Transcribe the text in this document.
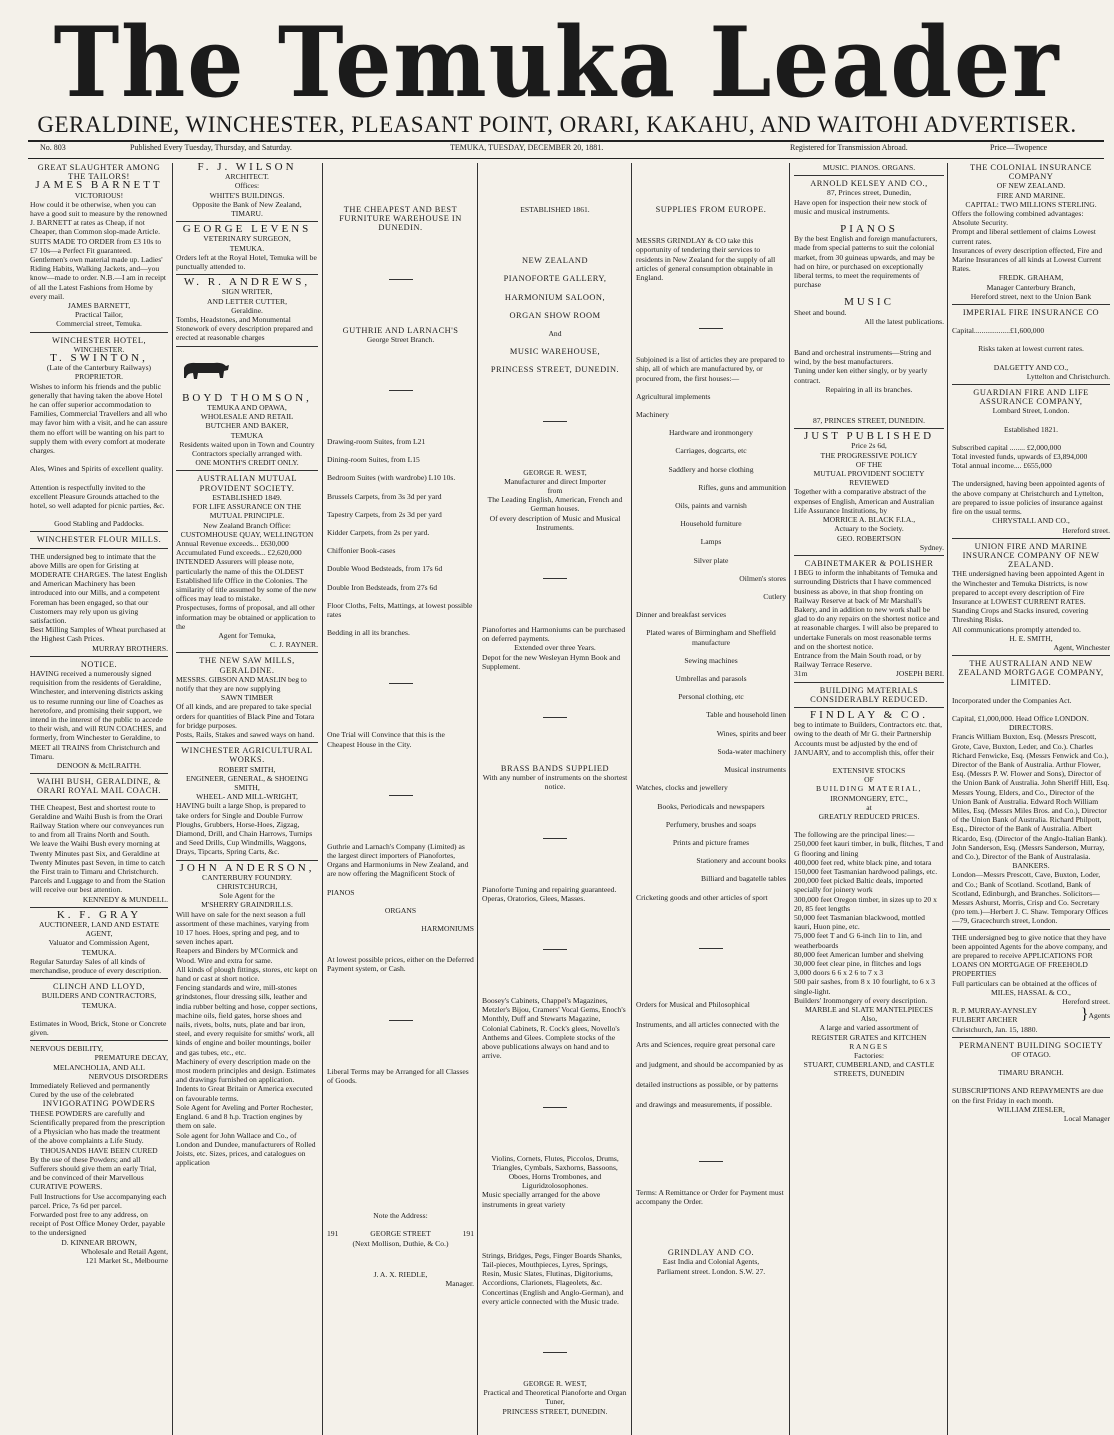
The Temuka Leader
GERALDINE, WINCHESTER, PLEASANT POINT, ORARI, KAKAHU, AND WAITOHI ADVERTISER.
No. 803	Published Every Tuesday, Thursday, and Saturday.	TEMUKA, TUESDAY, DECEMBER 20, 1881.	Registered for Transmission Abroad.	Price—Twopence
GREAT SLAUGHTER AMONG THE TAILORS!
JAMES BARNETT
VICTORIOUS!
How could it be otherwise, when you can have a good suit to measure by the renowned J. BARNETT at rates as Cheap, if not Cheaper, than Common slop-made Article.
SUITS MADE TO ORDER from £3 10s to £7 10s—a Perfect Fit guaranteed.
Gentlemen's own material made up. Ladies' Riding Habits, Walking Jackets, and—you know—made to order. N.B.—I am in receipt of all the Latest Fashions from Home by every mail.
JAMES BARNETT,
Practical Tailor,
Commercial street, Temuka.
WINCHESTER HOTEL,
WINCHESTER.
T. SWINTON,
(Late of the Canterbury Railways)
PROPRIETOR.
Wishes to inform his friends and the public generally that having taken the above Hotel he can offer superior accommodation to Families, Commercial Travellers and all who may favor him with a visit, and he can assure them no effort will be wanting on his part to supply them with every comfort at moderate charges.
Ales, Wines and Spirits of excellent quality.
Attention is respectfully invited to the excellent Pleasure Grounds attached to the hotel, so well adapted for picnic parties, &c.
Good Stabling and Paddocks.
WINCHESTER FLOUR MILLS.
THE undersigned beg to intimate that the above Mills are open for Gristing at MODERATE CHARGES. The latest English and American Machinery has been introduced into our Mills, and a competent Foreman has been engaged, so that our Customers may rely upon us giving satisfaction.
Best Milling Samples of Wheat purchased at the Highest Cash Prices.
MURRAY BROTHERS.
NOTICE.
HAVING received a numerously signed requisition from the residents of Geraldine, Winchester, and intervening districts asking us to resume running our line of Coaches as heretofore, and promising their support, we intend in the interest of the public to accede to their wish, and will RUN COACHES, and formerly, from Winchester to Geraldine, to MEET all TRAINS from Christchurch and Timaru.
DENOON & McILRAITH.
WAIHI BUSH, GERALDINE, & ORARI ROYAL MAIL COACH.
THE Cheapest, Best and shortest route to Geraldine and Waihi Bush is from the Orari Railway Station where our conveyances run to and from all Trains North and South.
We leave the Waihi Bush every morning at Twenty Minutes past Six, and Geraldine at Twenty Minutes past Seven, in time to catch the First train to Timaru and Christchurch.
Parcels and Luggage to and from the Station will receive our best attention.
KENNEDY & MUNDELL.
K. F. GRAY
AUCTIONEER, LAND AND ESTATE AGENT,
Valuator and Commission Agent,
TEMUKA.
Regular Saturday Sales of all kinds of merchandise, produce of every description.
CLINCH AND LLOYD,
BUILDERS AND CONTRACTORS,
TEMUKA.
Estimates in Wood, Brick, Stone or Concrete given.
NERVOUS DEBILITY,
PREMATURE DECAY,
MELANCHOLIA, AND ALL
NERVOUS DISORDERS
Immediately Relieved and permanently Cured by the use of the celebrated
INVIGORATING POWDERS
THESE POWDERS are carefully and Scientifically prepared from the prescription of a Physician who has made the treatment of the above complaints a Life Study.
THOUSANDS HAVE BEEN CURED
By the use of these Powders; and all Sufferers should give them an early Trial, and be convinced of their Marvellous CURATIVE POWERS.
Full Instructions for Use accompanying each parcel. Price, 7s 6d per parcel.
Forwarded post free to any address, on receipt of Post Office Money Order, payable to the undersigned
D. KINNEAR BROWN,
Wholesale and Retail Agent,
121 Market St., Melbourne
F. J. WILSON
ARCHITECT.
Offices:
WHITE'S BUILDINGS.
Opposite the Bank of New Zealand,
TIMARU.
GEORGE LEVENS
VETERINARY SURGEON,
TEMUKA.
Orders left at the Royal Hotel, Temuka will be punctually attended to.
W. R. ANDREWS,
SIGN WRITER,
AND LETTER CUTTER,
Geraldine.
Tombs, Headstones, and Monumental Stonework of every description prepared and erected at reasonable charges
BOYD THOMSON,
TEMUKA AND OPAWA,
WHOLESALE AND RETAIL
BUTCHER AND BAKER,
TEMUKA
Residents waited upon in Town and Country
Contractors specially arranged with.
ONE MONTH'S CREDIT ONLY.
AUSTRALIAN MUTUAL PROVIDENT SOCIETY.
ESTABLISHED 1849.
FOR LIFE ASSURANCE ON THE MUTUAL PRINCIPLE.
New Zealand Branch Office:
CUSTOMHOUSE QUAY, WELLINGTON
Annual Revenue exceeds... £630,000
Accumulated Fund exceeds... £2,620,000
INTENDED Assurers will please note, particularly the name of this the OLDEST Established life Office in the Colonies. The similarity of title assumed by some of the new offices may lead to mistake.
Prospectuses, forms of proposal, and all other information may be obtained or application to the
Agent for Temuka,
C. J. RAYNER.
THE NEW SAW MILLS, GERALDINE.
MESSRS. GIBSON AND MASLIN beg to notify that they are now supplying
SAWN TIMBER
Of all kinds, and are prepared to take special orders for quantities of Black Pine and Totara for bridge purposes.
Posts, Rails, Stakes and sawed ways on hand.
WINCHESTER AGRICULTURAL WORKS.
ROBERT SMITH,
ENGINEER, GENERAL, & SHOEING SMITH,
WHEEL- AND MILL-WRIGHT,
HAVING built a large Shop, is prepared to take orders for Single and Double Furrow Ploughs, Grubbers, Horse-Hoes, Zigzag, Diamond, Drill, and Chain Harrows, Turnips and Seed Drills, Cup Windmills, Waggons, Drays, Tipcarts, Spring Carts, &c.
JOHN ANDERSON,
CANTERBURY FOUNDRY.
CHRISTCHURCH,
Sole Agent for the
M'SHERRY GRAINDRILLS.
Will have on sale for the next season a full assortment of these machines, varying from 10 17 hoes. Hoes, spring and peg, and to seven inches apart.
Reapers and Binders by M'Cormick and Wood. Wire and extra for same.
All kinds of plough fittings, stores, etc kept on hand or cast at short notice.
Fencing standards and wire, mill-stones grindstones, flour dressing silk, leather and india rubber belting and hose, copper sections, machine oils, field gates, horse shoes and nails, rivets, bolts, nuts, plate and bar iron, steel, and every requisite for smiths' work, all kinds of engine and boiler mountings, boiler and gas tubes, etc., etc.
Machinery of every description made on the most modern principles and design. Estimates and drawings furnished on application.
Indents to Great Britain or America executed on favourable terms.
Sole Agent for Aveling and Porter Rochester, England. 6 and 8 h.p. Traction engines by them on sale.
Sole agent for John Wallace and Co., of London and Dundee, manufacturers of Rolled Joists, etc. Sizes, prices, and catalogues on application
THE CHEAPEST AND BEST FURNITURE WAREHOUSE IN DUNEDIN.
GUTHRIE AND LARNACH'S
George Street Branch.
Drawing-room Suites, from L21
Dining-room Suites, from L15
Bedroom Suites (with wardrobe) L10 10s.
Brussels Carpets, from 3s 3d per yard
Tapestry Carpets, from 2s 3d per yard
Kidder Carpets, from 2s per yard.
Chiffonier Book-cases
Double Wood Bedsteads, from 17s 6d
Double Iron Bedsteads, from 27s 6d
Floor Cloths, Felts, Mattings, at lowest possible rates
Bedding in all its branches.
One Trial will Convince that this is the Cheapest House in the City.
Guthrie and Larnach's Company (Limited) as the largest direct importers of Pianofortes, Organs and Harmoniums in New Zealand, and are now offering the Magnificent Stock of
PIANOS
ORGANS
HARMONIUMS
At lowest possible prices, either on the Deferred Payment system, or Cash.
Liberal Terms may be Arranged for all Classes of Goods.
Note the Address:
191	GEORGE STREET	191
(Next Mollison, Duthie, & Co.)
J. A. X. RIEDLE,
Manager.
ESTABLISHED 1861.
NEW ZEALAND
PIANOFORTE GALLERY,
HARMONIUM SALOON,
ORGAN SHOW ROOM
And
MUSIC WAREHOUSE,
PRINCESS STREET, DUNEDIN.
GEORGE R. WEST,
Manufacturer and direct Importer
from
The Leading English, American, French and German houses.
Of every description of Music and Musical Instruments.
Pianofortes and Harmoniums can be purchased on deferred payments.
Extended over three Years.
Depot for the new Wesleyan Hymn Book and Supplement.
BRASS BANDS SUPPLIED
With any number of instruments on the shortest notice.
Pianoforte Tuning and repairing guaranteed. Operas, Oratorios, Glees, Masses.
Boosey's Cabinets, Chappel's Magazines, Metzler's Bijou, Cramers' Vocal Gems, Enoch's Monthly, Duff and Stewarts Magazine, Colonial Cabinets, R. Cock's glees, Novello's Anthems and Glees. Complete stocks of the above publications always on hand and to arrive.
Violins, Cornets, Flutes, Piccolos, Drums, Triangles, Cymbals, Saxhorns, Bassoons, Oboes, Horns Trombones, and Liguridzolosophones.
Music specially arranged for the above instruments in great variety
Strings, Bridges, Pegs, Finger Boards Shanks, Tail-pieces, Mouthpieces, Lyres, Springs, Resin, Music Slates, Flutinas, Digitoriums, Accordions, Clarionets, Flageolets, &c.
Concertinas (English and Anglo-German), and every article connected with the Music trade.
GEORGE R. WEST,
Practical and Theoretical Pianoforte and Organ Tuner,
PRINCESS STREET, DUNEDIN.
SUPPLIES FROM EUROPE.
MESSRS GRINDLAY & CO take this opportunity of tendering their services to residents in New Zealand for the supply of all articles of general consumption obtainable in England.
Subjoined is a list of articles they are prepared to ship, all of which are manufactured by, or procured from, the first houses:—
Agricultural implements
Machinery
Hardware and ironmongery
Carriages, dogcarts, etc
Saddlery and horse clothing
Rifles, guns and ammunition
Oils, paints and varnish
Household furniture
Lamps
Silver plate
Oilmen's stores
Cutlery
Dinner and breakfast services
Plated wares of Birmingham and Sheffield manufacture
Sewing machines
Umbrellas and parasols
Personal clothing, etc
Table and household linen
Wines, spirits and beer
Soda-water machinery
Musical instruments
Watches, clocks and jewellery
Books, Periodicals and newspapers
Perfumery, brushes and soaps
Prints and picture frames
Stationery and account books
Billiard and bagatelle tables
Cricketing goods and other articles of sport
Orders for Musical and Philosophical Instruments, and all articles connected with the Arts and Sciences, require great personal care and judgment, and should be accompanied by as detailed instructions as possible, or by patterns and drawings and measurements, if possible.
Terms: A Remittance or Order for Payment must accompany the Order.
GRINDLAY AND CO.
East India and Colonial Agents,
Parliament street. London. S.W. 27.
MUSIC. PIANOS. ORGANS.
ARNOLD KELSEY AND CO.,
87, Princes street, Dunedin,
Have open for inspection their new stock of music and musical instruments.
PIANOS
By the best English and foreign manufacturers, made from special patterns to suit the colonial market, from 30 guineas upwards, and may be had on hire, or purchased on exceptionally liberal terms, to meet the requirements of purchase
MUSIC
Sheet and bound.
All the latest publications.
Band and orchestral instruments—String and wind, by the best manufacturers.
Tuning under ken either singly, or by yearly contract.
Repairing in all its branches.
87, PRINCES STREET, DUNEDIN.
JUST PUBLISHED
Price 2s 6d,
THE PROGRESSIVE POLICY
OF THE
MUTUAL PROVIDENT SOCIETY REVIEWED
Together with a comparative abstract of the expenses of English, American and Australian Life Assurance Institutions, by
MORRICE A. BLACK F.I.A.,
Actuary to the Society.
GEO. ROBERTSON
Sydney.
CABINETMAKER & POLISHER
I BEG to inform the inhabitants of Temuka and surrounding Districts that I have commenced business as above, in that shop fronting on Railway Reserve at back of Mr Marshall's Bakery, and in addition to new work shall be glad to do any repairs on the shortest notice and at reasonable charges. I will also be prepared to undertake Funerals on most reasonable terms and on the shortest notice.
Entrance from the Main South road, or by Railway Terrace Reserve.
31m	JOSEPH BERI.
BUILDING MATERIALS CONSIDERABLY REDUCED.
FINDLAY & CO.
beg to intimate to Builders, Contractors etc. that, owing to the death of Mr G. their Partnership Accounts must be adjusted by the end of JANUARY, and to accomplish this, offer their
EXTENSIVE STOCKS
OF
BUILDING MATERIAL,
IRONMONGERY, ETC.,
at
GREATLY REDUCED PRICES.
The following are the principal lines:—
250,000 feet kauri timber, in bulk, flitches, T and G flooring and lining
400,000 feet red, white black pine, and totara
150,000 feet Tasmanian hardwood palings, etc.
200,000 feet picked Baltic deals, imported specially for joinery work
300,000 feet Oregon timber, in sizes up to 20 x 20, 85 feet lengths
50,000 feet Tasmanian blackwood, mottled kauri, Huon pine, etc.
75,000 feet T and G 6-inch 1in to 1in, and weatherboards
80,000 feet American lumber and shelving
30,000 feet clear pine, in flitches and logs
3,000 doors 6 6 x 2 6 to 7 x 3
500 pair sashes, from 8 x 10 fourlight, to 6 x 3 single-light.
Builders' Ironmongery of every description.
MARBLE and SLATE MANTELPIECES
Also,
A large and varied assortment of
REGISTER GRATES and KITCHEN
RANGES
Factories:
STUART, CUMBERLAND, and CASTLE STREETS, DUNEDIN
THE COLONIAL INSURANCE COMPANY
OF NEW ZEALAND.
FIRE AND MARINE.
CAPITAL: TWO MILLIONS STERLING.
Offers the following combined advantages: Absolute Security.
Prompt and liberal settlement of claims Lowest current rates.
Insurances of every description effected, Fire and Marine Insurances of all kinds at Lowest Current Rates.
FREDK. GRAHAM,
Manager Canterbury Branch,
Hereford street, next to the Union Bank
IMPERIAL FIRE INSURANCE CO
Capital...................£1,600,000
Risks taken at lowest current rates.
DALGETTY AND CO.,
Lyttelton and Christchurch.
GUARDIAN FIRE AND LIFE ASSURANCE COMPANY,
Lombard Street, London.
Established 1821.
Subscribed capital ........ £2,000,000
Total invested funds, upwards of £3,894,000
Total annual income.... £655,000
The undersigned, having been appointed agents of the above company at Christchurch and Lyttelton, are prepared to issue policies of insurance against fire on the usual terms.
CHRYSTALL AND CO.,
Hereford street.
UNION FIRE AND MARINE INSURANCE COMPANY OF NEW ZEALAND.
THE undersigned having been appointed Agent in the Winchester and Temuka Districts, is now prepared to accept every description of Fire Insurance at LOWEST CURRENT RATES.
Standing Crops and Stacks insured, covering Threshing Risks.
All communications promptly attended to.
H. E. SMITH,
Agent, Winchester
THE AUSTRALIAN AND NEW ZEALAND MORTGAGE COMPANY, LIMITED.
Incorporated under the Companies Act.
Capital, £1,000,000. Head Office LONDON.
DIRECTORS.
Francis William Buxton, Esq. (Messrs Prescott, Grote, Cave, Buxton, Leder, and Co.). Charles Richard Fenwicke, Esq. (Messrs Fenwick and Co.), Director of the Bank of Australia. Arthur Flower, Esq. (Messrs P. W. Flower and Sons), Director of the Union Bank of Australia. John Sheriff Hill, Esq. Messrs Young, Elders, and Co., Director of the Union Bank of Australia. Edward Roch William Miles, Esq. (Messrs Miles Bros. and Co.), Director of the Union Bank of Australia. Richard Philpott, Esq., Director of the Bank of Australia. Albert Ricardo, Esq. (Director of the Anglo-Italian Bank). John Sanderson, Esq. (Messrs Sanderson, Murray, and Co.), Director of the Bank of Australasia.
BANKERS.
London—Messrs Prescott, Cave, Buxton, Loder, and Co.; Bank of Scotland. Scotland, Bank of Scotland, Edinburgh, and Branches. Solicitors—Messrs Ashurst, Morris, Crisp and Co. Secretary (pro tem.)—Herbert J. C. Shaw. Temporary Offices—79, Gracechurch street, London.
THE undersigned beg to give notice that they have been appointed Agents for the above company, and are prepared to receive APPLICATIONS FOR LOANS ON MORTGAGE OF FREEHOLD PROPERTIES
Full particulars can be obtained at the offices of
MILES, HASSAL & CO.,
Hereford street.
R. P. MURRAY-AYNSLEY
FULBERT ARCHER	} Agents
Christchurch, Jan. 15, 1880.
PERMANENT BUILDING SOCIETY
OF OTAGO.
TIMARU BRANCH.
SUBSCRIPTIONS AND REPAYMENTS are due on the first Friday in each month.
WILLIAM ZIESLER,
Local Manager
